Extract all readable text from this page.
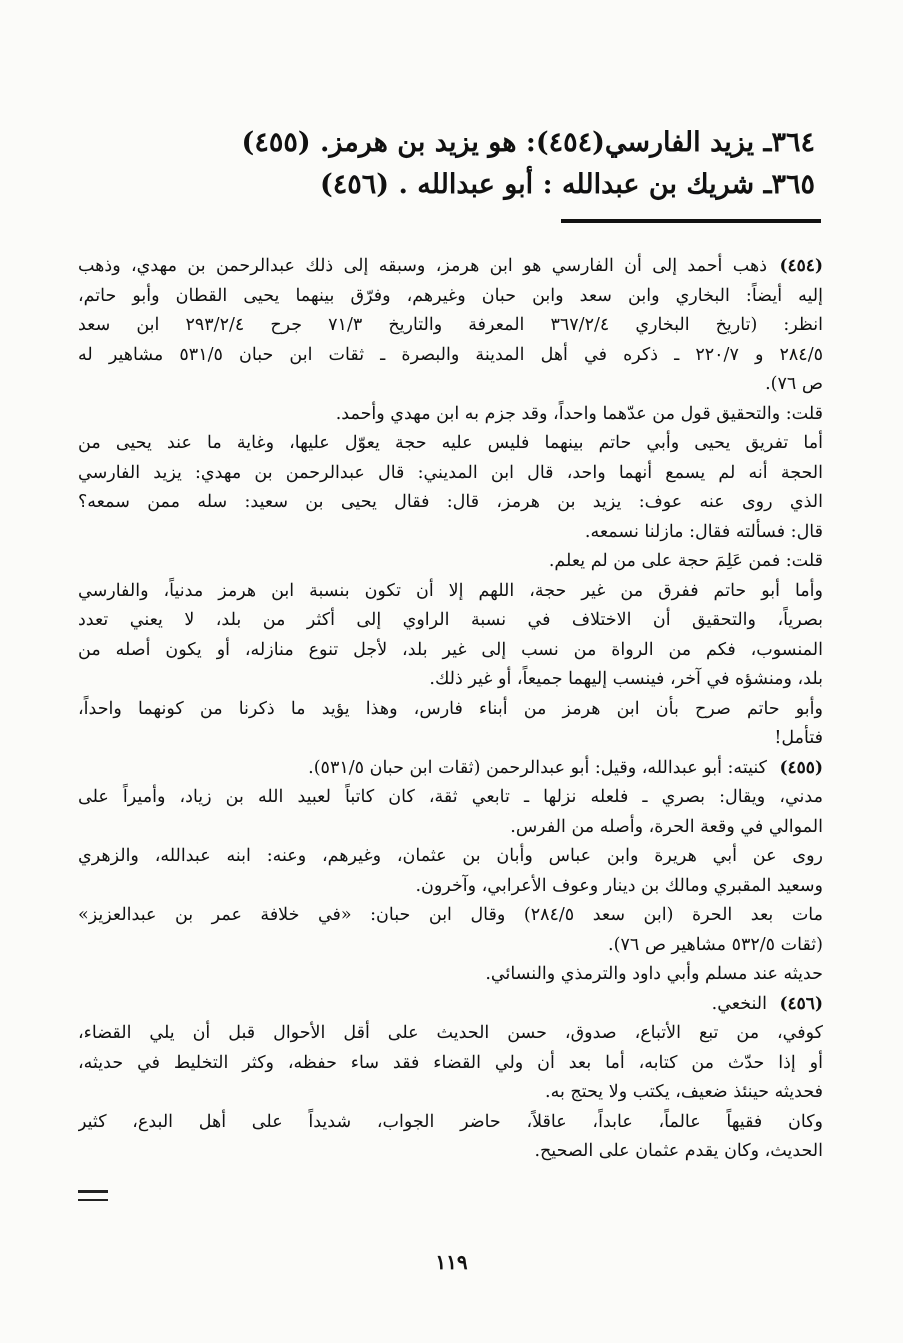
٣٦٤ـ يزيد الفارسي(٤٥٤): هو يزيد بن هرمز. (٤٥٥)
٣٦٥ـ شريك بن عبدالله : أبو عبدالله . (٤٥٦)
(٤٥٤)
ذهب أحمد إلى أن الفارسي هو ابن هرمز، وسبقه إلى ذلك عبدالرحمن بن مهدي، وذهب
إليه أيضاً: البخاري وابن سعد وابن حبان وغيرهم، وفرّق بينهما يحيى القطان وأبو حاتم،
انظر: (تاريخ البخاري ٣٦٧/٢/٤ المعرفة والتاريخ ٧١/٣ جرح ٢٩٣/٢/٤ ابن سعد
٢٨٤/٥ و ٢٢٠/٧ ـ ذكره في أهل المدينة والبصرة ـ ثقات ابن حبان ٥٣١/٥ مشاهير له
ص ٧٦).
قلت: والتحقيق قول من عدّهما واحداً، وقد جزم به ابن مهدي وأحمد.
أما تفريق يحيى وأبي حاتم بينهما فليس عليه حجة يعوّل عليها، وغاية ما عند يحيى من
الحجة أنه لم يسمع أنهما واحد، قال ابن المديني: قال عبدالرحمن بن مهدي: يزيد الفارسي
الذي روى عنه عوف: يزيد بن هرمز، قال: فقال يحيى بن سعيد: سله ممن سمعه؟
قال: فسألته فقال: مازلنا نسمعه.
قلت: فمن عَلِمَ حجة على من لم يعلم.
وأما أبو حاتم ففرق من غير حجة، اللهم إلا أن تكون بنسبة ابن هرمز مدنياً، والفارسي
بصرياً، والتحقيق أن الاختلاف في نسبة الراوي إلى أكثر من بلد، لا يعني تعدد
المنسوب، فكم من الرواة من نسب إلى غير بلد، لأجل تنوع منازله، أو يكون أصله من
بلد، ومنشؤه في آخر، فينسب إليهما جميعاً، أو غير ذلك.
وأبو حاتم صرح بأن ابن هرمز من أبناء فارس، وهذا يؤيد ما ذكرنا من كونهما واحداً،
فتأمل!
(٤٥٥)
كنيته: أبو عبدالله، وقيل: أبو عبدالرحمن (ثقات ابن حبان ٥٣١/٥).
مدني، ويقال: بصري ـ فلعله نزلها ـ تابعي ثقة، كان كاتباً لعبيد الله بن زياد، وأميراً على
الموالي في وقعة الحرة، وأصله من الفرس.
روى عن أبي هريرة وابن عباس وأبان بن عثمان، وغيرهم، وعنه: ابنه عبدالله، والزهري
وسعيد المقبري ومالك بن دينار وعوف الأعرابي، وآخرون.
مات بعد الحرة (ابن سعد ٢٨٤/٥) وقال ابن حبان: «في خلافة عمر بن عبدالعزيز»
(ثقات ٥٣٢/٥ مشاهير ص ٧٦).
حديثه عند مسلم وأبي داود والترمذي والنسائي.
(٤٥٦)
النخعي.
كوفي، من تبع الأتباع، صدوق، حسن الحديث على أقل الأحوال قبل أن يلي القضاء،
أو إذا حدّث من كتابه، أما بعد أن ولي القضاء فقد ساء حفظه، وكثر التخليط في حديثه،
فحديثه حينئذ ضعيف، يكتب ولا يحتج به.
وكان فقيهاً عالماً، عابداً، عاقلاً، حاضر الجواب، شديداً على أهل البدع، كثير
الحديث، وكان يقدم عثمان على الصحيح.
١١٩
